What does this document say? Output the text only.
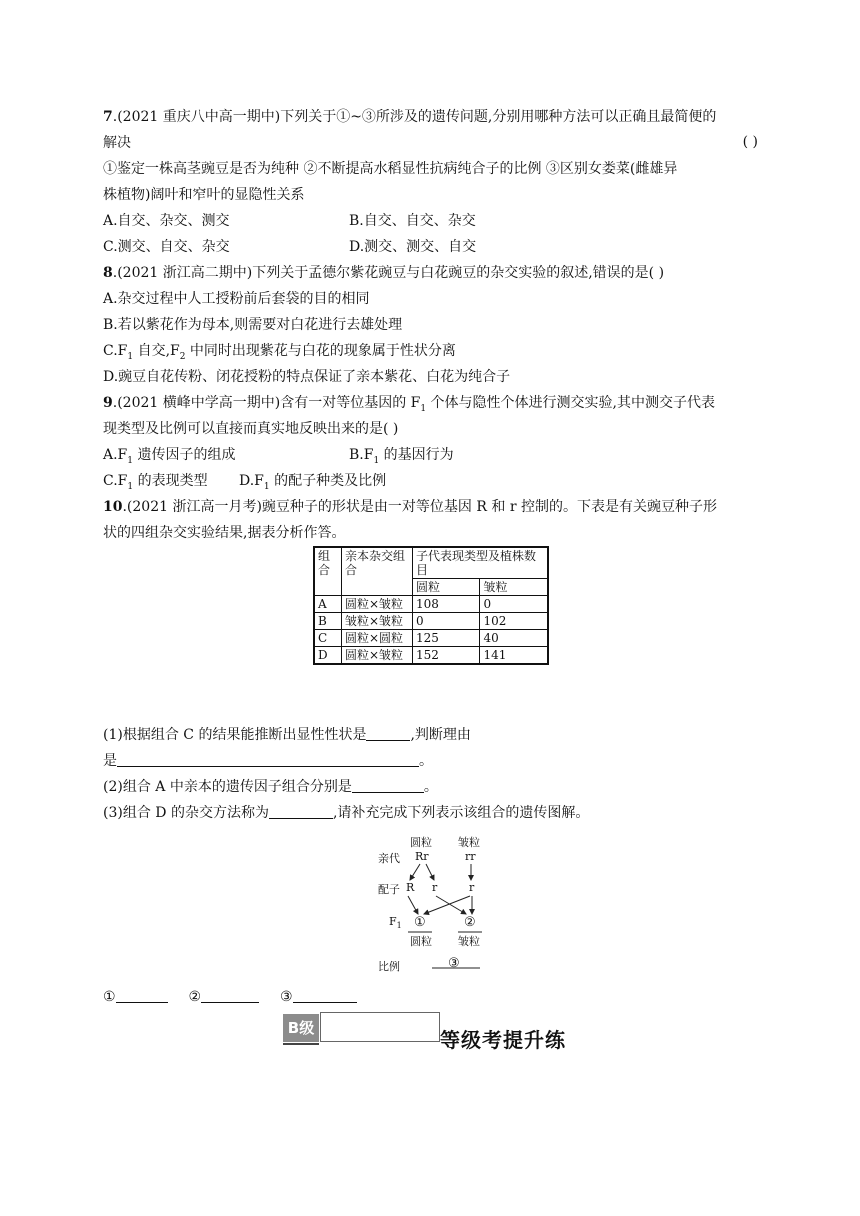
7.(2021 重庆八中高一期中)下列关于①~③所涉及的遗传问题,分别用哪种方法可以正确且最简便的
解决	( )
①鉴定一株高茎豌豆是否为纯种 ②不断提高水稻显性抗病纯合子的比例 ③区别女娄菜(雌雄异
株植物)阔叶和窄叶的显隐性关系
A.自交、杂交、测交	B.自交、自交、杂交
C.测交、自交、杂交	D.测交、测交、自交
8.(2021 浙江高二期中)下列关于孟德尔紫花豌豆与白花豌豆的杂交实验的叙述,错误的是( )
A.杂交过程中人工授粉前后套袋的目的相同
B.若以紫花作为母本,则需要对白花进行去雄处理
$C.F_1$ 自交$,F_2$ 中同时出现紫花与白花的现象属于性状分离
D.豌豆自花传粉、闭花授粉的特点保证了亲本紫花、白花为纯合子
9.(2021 横峰中学高一期中)含有一对等位基因的 $F_1$ 个体与隐性个体进行测交实验,其中测交子代表
现类型及比例可以直接而真实地反映出来的是( )
$A.F_1$ 遗传因子的组成	$B.F_1$ 的基因行为
$C.F_1$ 的表现类型 $D.F_1$ 的配子种类及比例
10.(2021 浙江高一月考)豌豆种子的形状是由一对等位基因 R 和 r 控制的。下表是有关豌豆种子形
状的四组杂交实验结果,据表分析作答。
组合	亲本杂交组合	子代表现类型及植株数目	
		圆粒	皱粒
A	圆粒×皱粒	108	0
B	皱粒×皱粒	0	102
C	圆粒×圆粒	125	40
D	圆粒×皱粒	152	141
(1)根据组合 C 的结果能推断出显性性状是	,判断理由
是	。
(2)组合 A 中亲本的遗传因子组合分别是	。
(3)组合 D 的杂交方法称为	,请补充完成下列表示该组合的遗传图解。
圆粒 皱粒
亲代 Rr	rr
配子 R r	r
$F_1$ ①	②
圆粒 皱粒
比例	③
①	②	③
B级	等级考提升练
